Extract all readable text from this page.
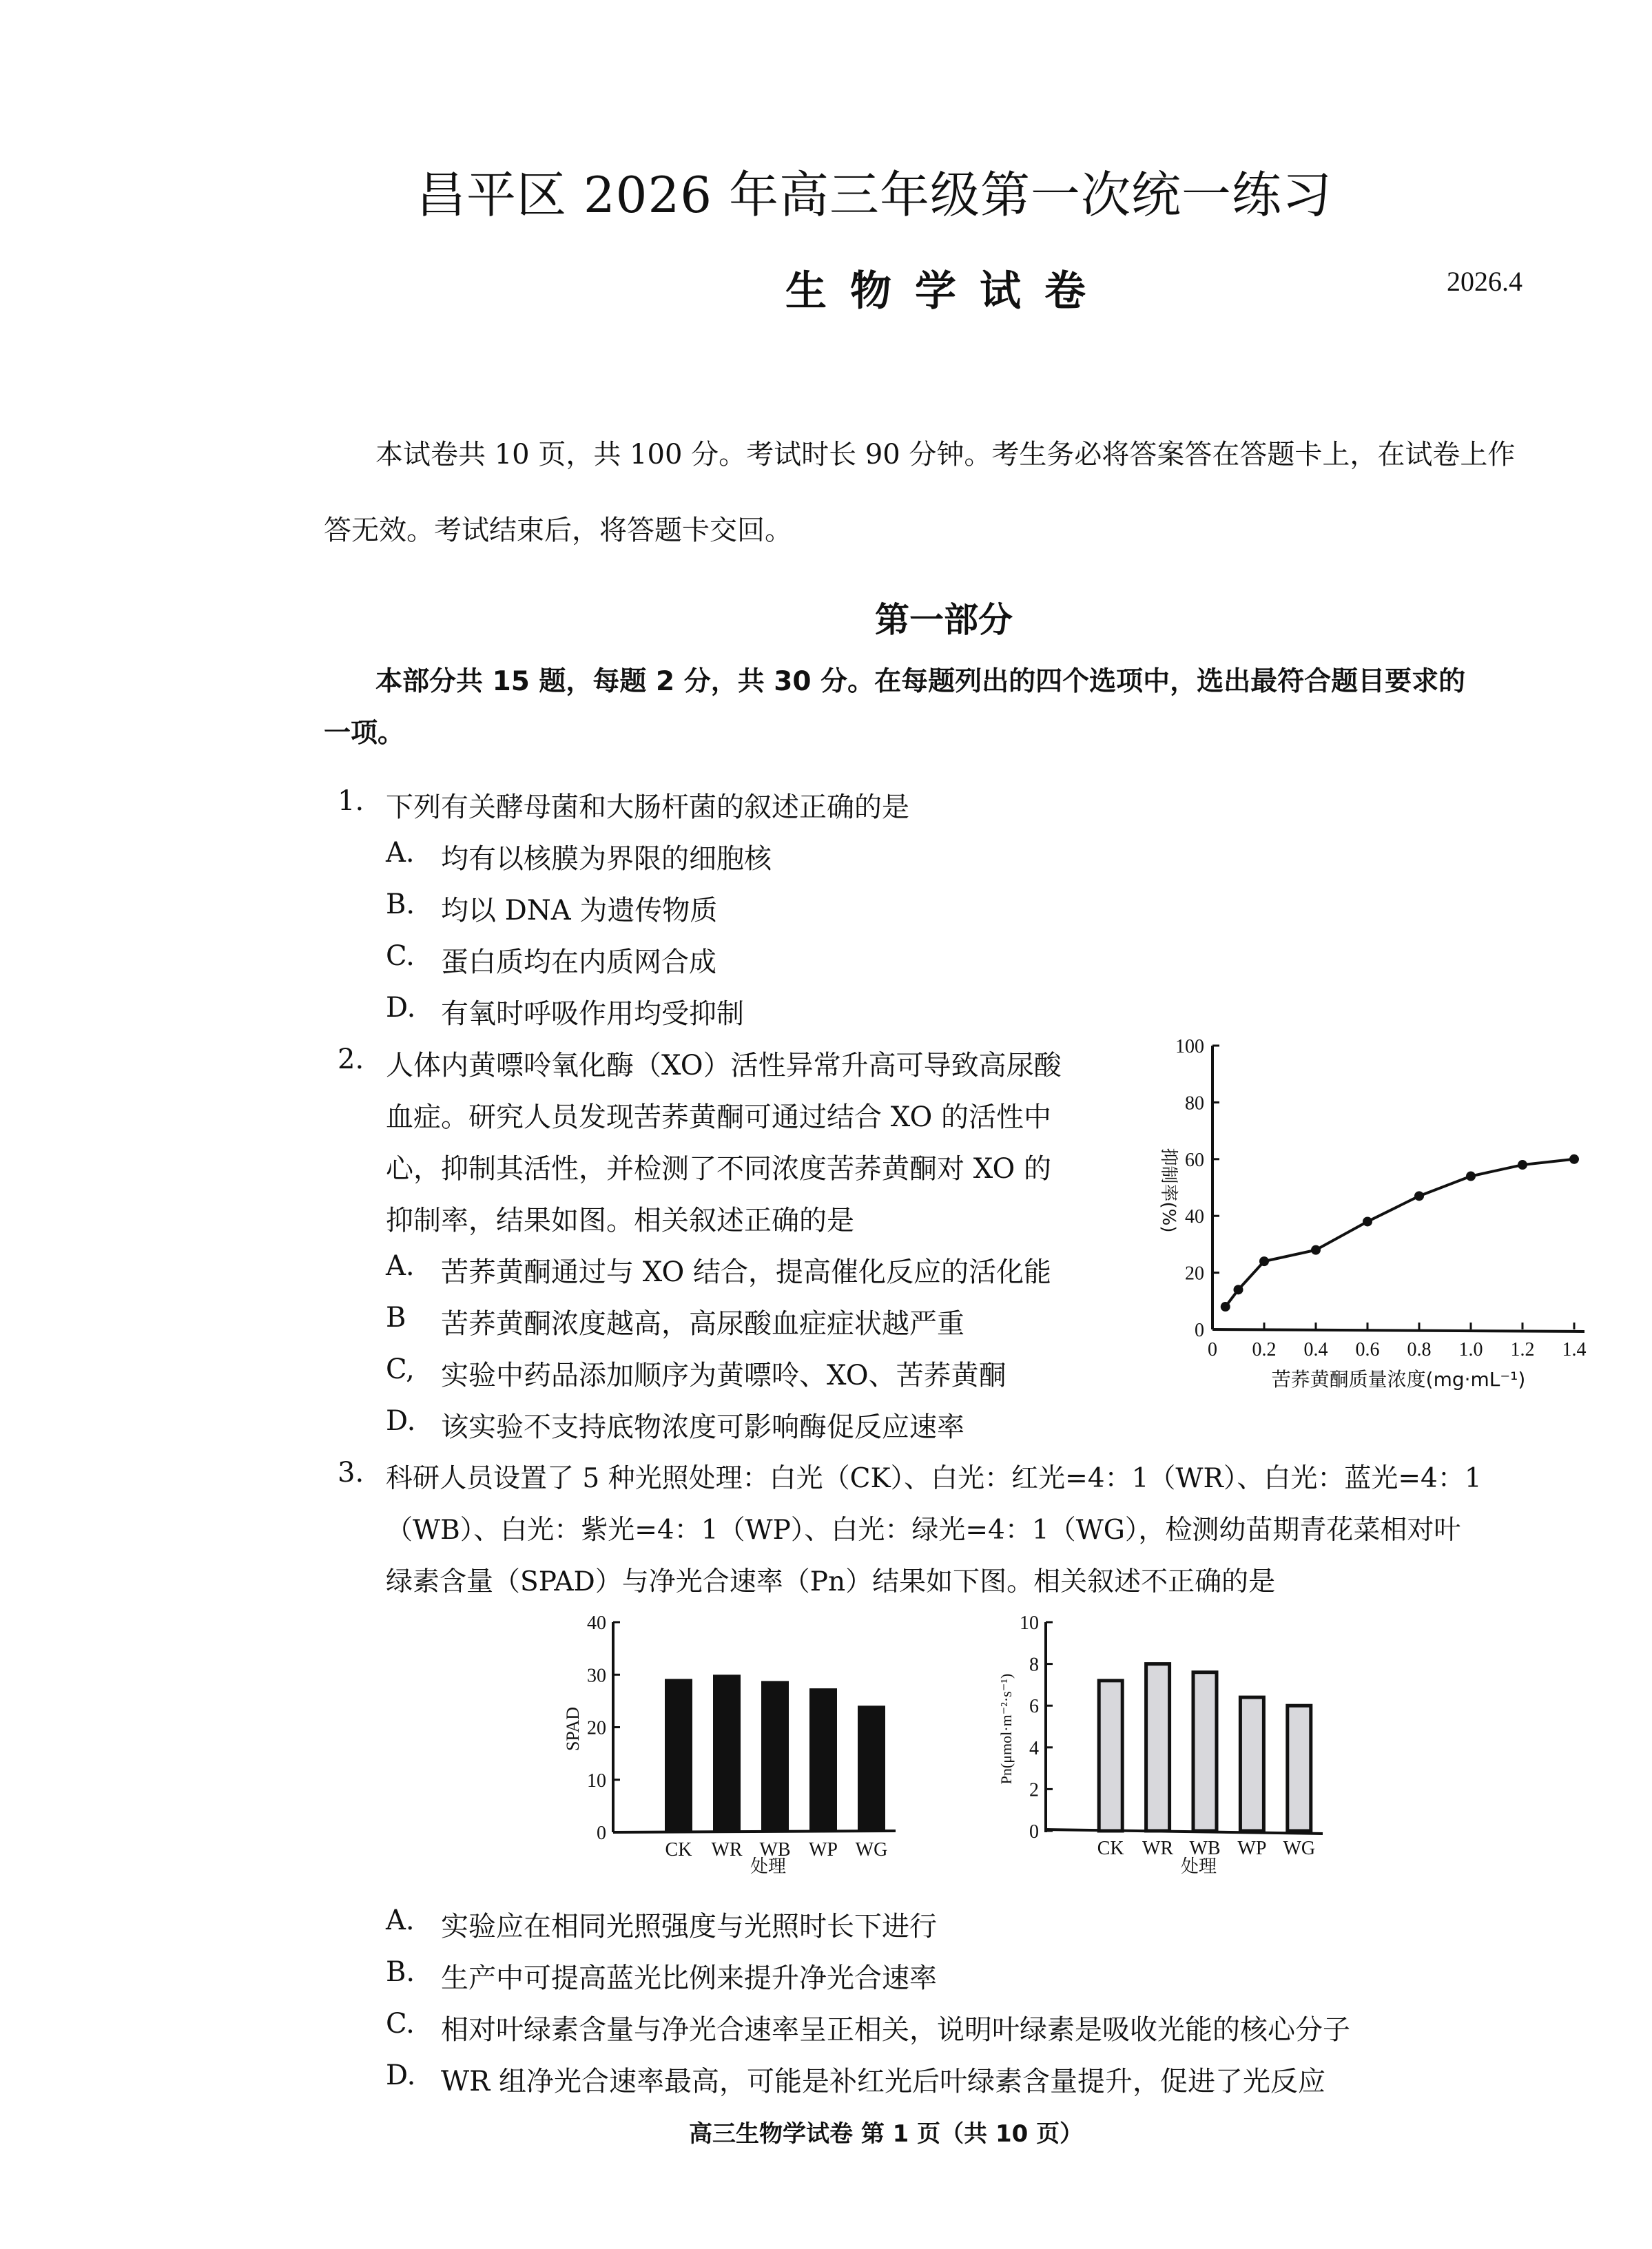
昌平区 2026 年高三年级第一次统一练习
生物学试卷	2026.4
本试卷共 10 页，共 100 分。考试时长 90 分钟。考生务必将答案答在答题卡上，在试卷上作
答无效。考试结束后，将答题卡交回。
第一部分
本部分共 15 题，每题 2 分，共 30 分。在每题列出的四个选项中，选出最符合题目要求的
一项。
1. 下列有关酵母菌和大肠杆菌的叙述正确的是
A. 均有以核膜为界限的细胞核
B. 均以 DNA 为遗传物质
C. 蛋白质均在内质网合成
D. 有氧时呼吸作用均受抑制
2. 人体内黄嘌呤氧化酶（XO）活性异常升高可导致高尿酸
血症。研究人员发现苦荞黄酮可通过结合 XO 的活性中
心，抑制其活性，并检测了不同浓度苦荞黄酮对 XO 的
抑制率，结果如图。相关叙述正确的是
A. 苦荞黄酮通过与 XO 结合，提高催化反应的活化能
B 苦荞黄酮浓度越高，高尿酸血症症状越严重
C, 实验中药品添加顺序为黄嘌呤、XO、苦荞黄酮
D. 该实验不支持底物浓度可影响酶促反应速率
0
20
40
60
80
100
0 0.2 0.4 0.6 0.8 1.0 1.2 1.4
抑制率(%)
苦荞黄酮质量浓度(mg·mL⁻¹)
3. 科研人员设置了 5 种光照处理：白光（CK）、白光：红光=4：1（WR）、白光：蓝光=4：1
（WB）、白光：紫光=4：1（WP）、白光：绿光=4：1（WG），检测幼苗期青花菜相对叶
绿素含量（SPAD）与净光合速率（Pn）结果如下图。相关叙述不正确的是
0
10
20
30
40
CK WR WB WP WG
SPAD
处理
0
2
4
6
8
10
CK WR WB WP WG
Pn(μmol·m⁻²·s⁻¹)
处理
A. 实验应在相同光照强度与光照时长下进行
B. 生产中可提高蓝光比例来提升净光合速率
C. 相对叶绿素含量与净光合速率呈正相关，说明叶绿素是吸收光能的核心分子
D. WR 组净光合速率最高，可能是补红光后叶绿素含量提升，促进了光反应
高三生物学试卷 第 1 页（共 10 页）
